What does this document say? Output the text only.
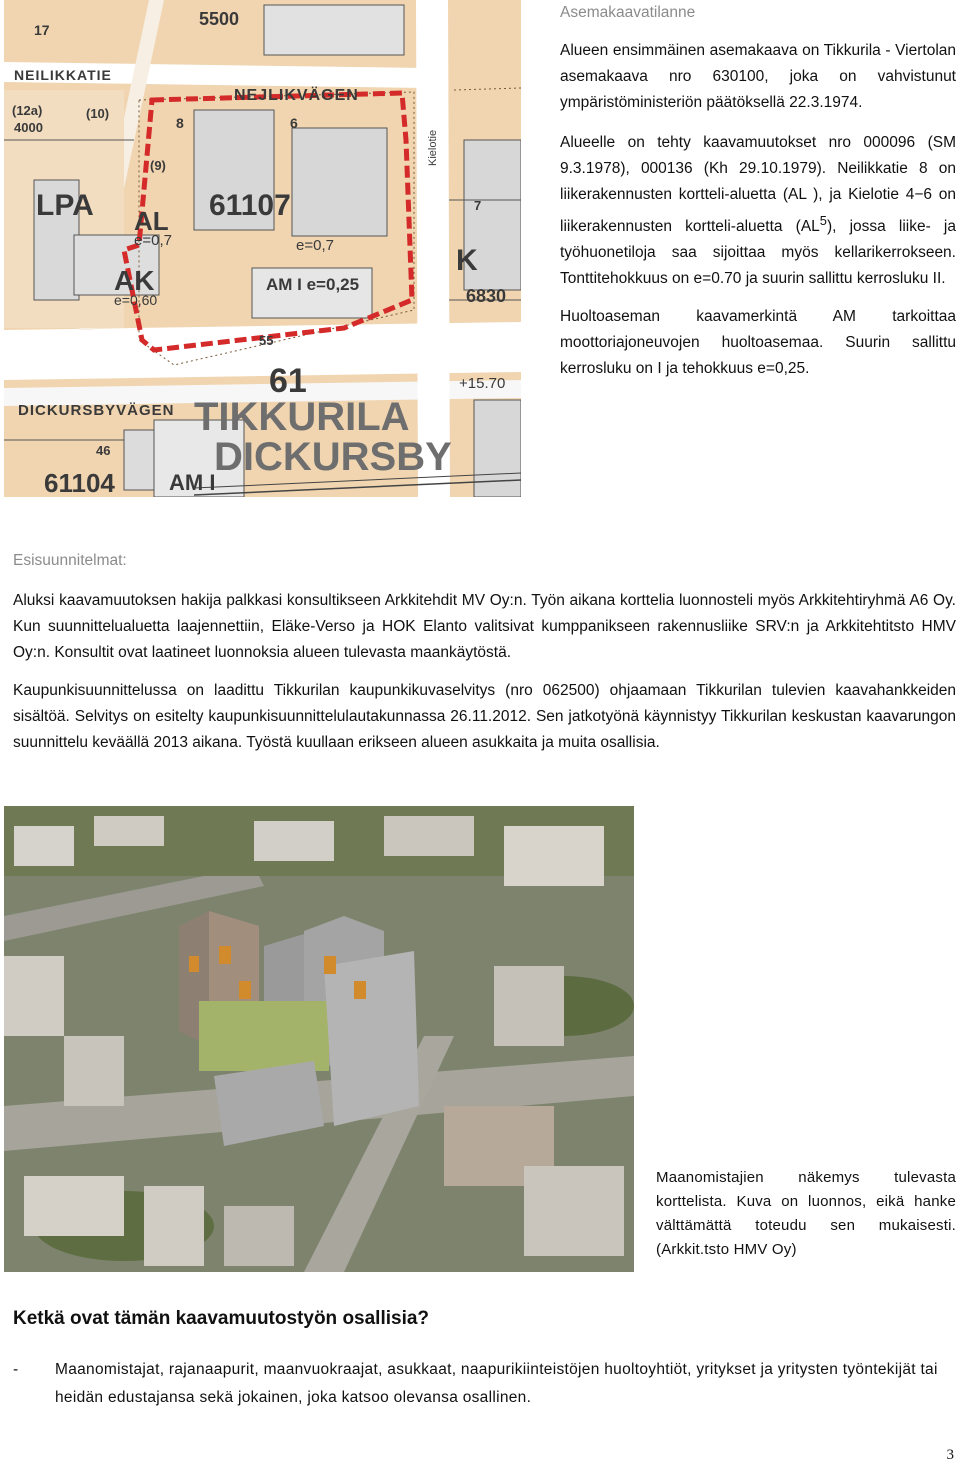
NEILIKKATIE
NEJLIKVÄGEN
61107
AL
e=0,7	e=0,7
AK
e=0,60
AM I e=0,25
LPA
61
TIKKURILA
DICKURSBY
DICKURSBYVÄGEN
6830
61104 AM I
K
+15.70
5500
17
8	6
(9)
(10)
(12a)
4000
55
46
7
Kielotie
Asemakaavatilanne

Alueen ensimmäinen asemakaava on Tikkurila - Viertolan asemakaava nro 630100, joka on vahvistunut ympäristöministeriön päätöksellä 22.3.1974.

Alueelle on tehty kaavamuutokset nro 000096 (SM 9.3.1978), 000136 (Kh 29.10.1979). Neilikkatie 8 on liikerakennusten kortteli-aluetta (AL ), ja Kielotie 4−6 on liikerakennusten kortteli-aluetta $(AL^5)$, jossa liike- ja työhuonetiloja saa sijoittaa myös kellarikerrokseen. Tonttitehokkuus on e=0.70 ja suurin sallittu kerrosluku II.

Huoltoaseman kaavamerkintä AM tarkoittaa moottoriajoneuvojen huoltoasemaa. Suurin sallittu kerrosluku on I ja tehokkuus e=0,25.

Esisuunnitelmat:
Aluksi kaavamuutoksen hakija palkkasi konsultikseen Arkkitehdit MV Oy:n. Työn aikana korttelia luonnosteli myös Arkkitehtiryhmä A6 Oy. Kun suunnittelualuetta laajennettiin, Eläke-Verso ja HOK Elanto valitsivat kumppanikseen rakennusliike SRV:n ja Arkkitehtitsto HMV Oy:n. Konsultit ovat laatineet luonnoksia alueen tulevasta maankäytöstä.
Kaupunkisuunnittelussa on laadittu Tikkurilan kaupunkikuvaselvitys (nro 062500) ohjaamaan Tikkurilan tulevien kaavahankkeiden sisältöä. Selvitys on esitelty kaupunkisuunnittelulautakunnassa 26.11.2012. Sen jatkotyönä käynnistyy Tikkurilan keskustan kaavarungon suunnittelu keväällä 2013 aikana. Työstä kuullaan erikseen alueen asukkaita ja muita osallisia.
Maanomistajien näkemys tulevasta korttelista. Kuva on luonnos, eikä hanke välttämättä toteudu sen mukaisesti. (Arkkit.tsto HMV Oy)
Ketkä ovat tämän kaavamuutostyön osallisia?
- Maanomistajat, rajanaapurit, maanvuokraajat, asukkaat, naapurikiinteistöjen huoltoyhtiöt, yritykset ja yritysten työntekijät tai heidän edustajansa sekä jokainen, joka katsoo olevansa osallinen.
3
